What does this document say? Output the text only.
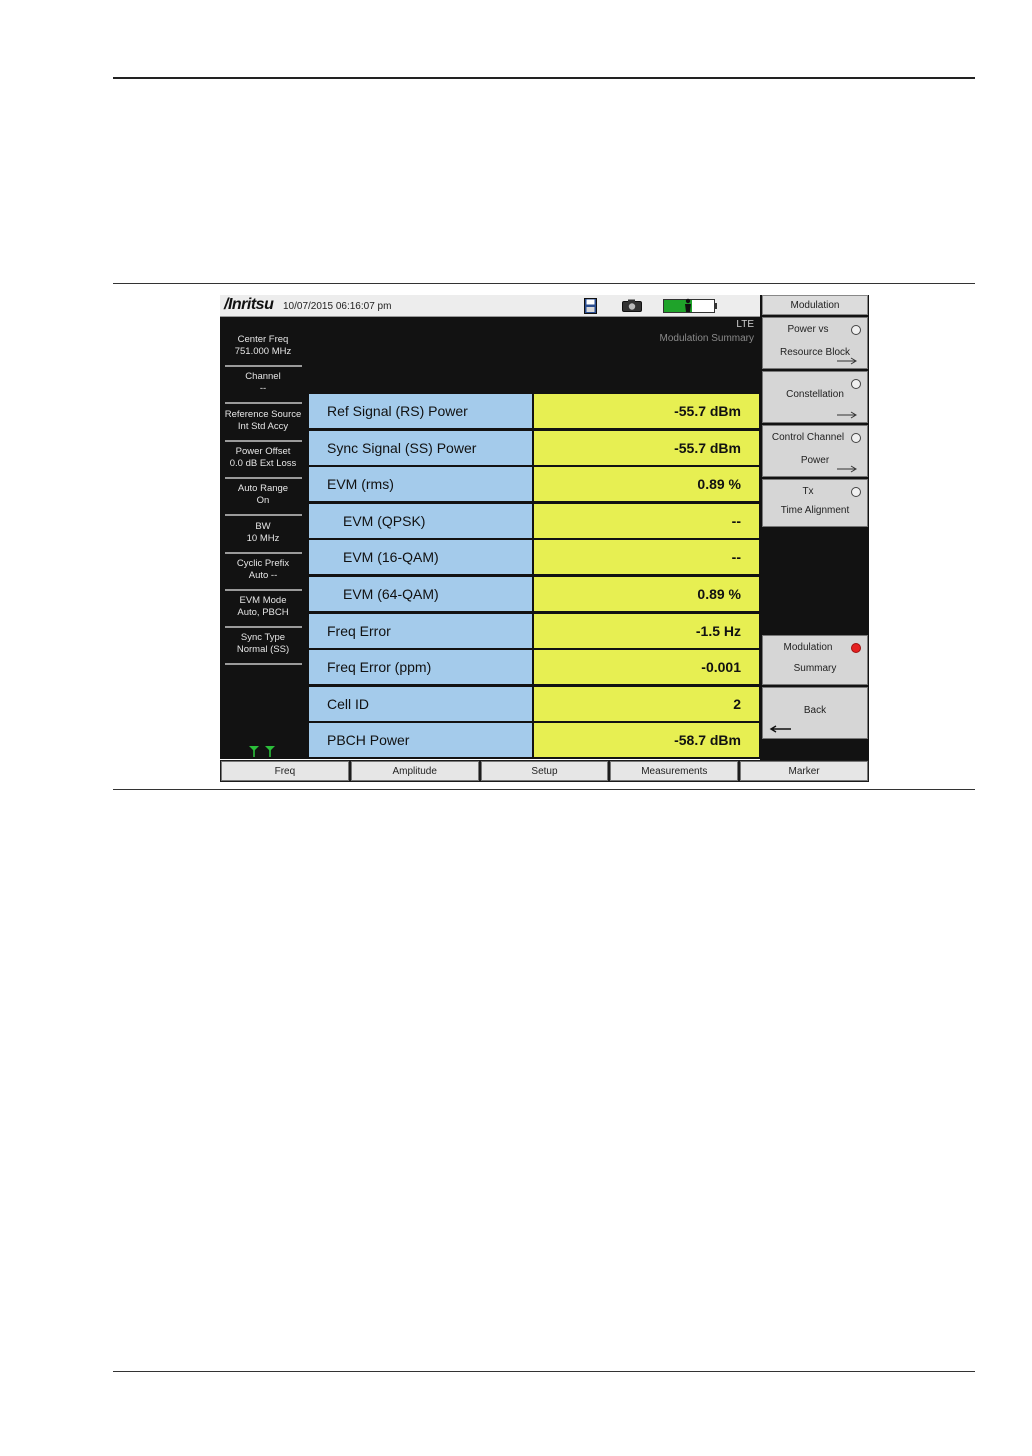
/Inritsu 10/07/2015 06:16:07 pm
Center Freq
751.000 MHz
Channel
--
Reference Source
Int Std Accy
Power Offset
0.0 dB Ext Loss
Auto Range
On
BW
10 MHz
Cyclic Prefix
Auto --
EVM Mode
Auto, PBCH
Sync Type
Normal (SS)
LTE
Modulation Summary
Ref Signal (RS) Power	-55.7 dBm
Sync Signal (SS) Power	-55.7 dBm
EVM (rms)	0.89 %
EVM (QPSK)	--
EVM (16-QAM)	--
EVM (64-QAM)	0.89 %
Freq Error	-1.5 Hz
Freq Error (ppm)	-0.001
Cell ID	2
PBCH Power	-58.7 dBm
Modulation
Power vs
Resource Block
Constellation
Control Channel
Power
Tx
Time Alignment
Modulation
Summary
Back
Freq	Amplitude	Setup	Measurements	Marker
